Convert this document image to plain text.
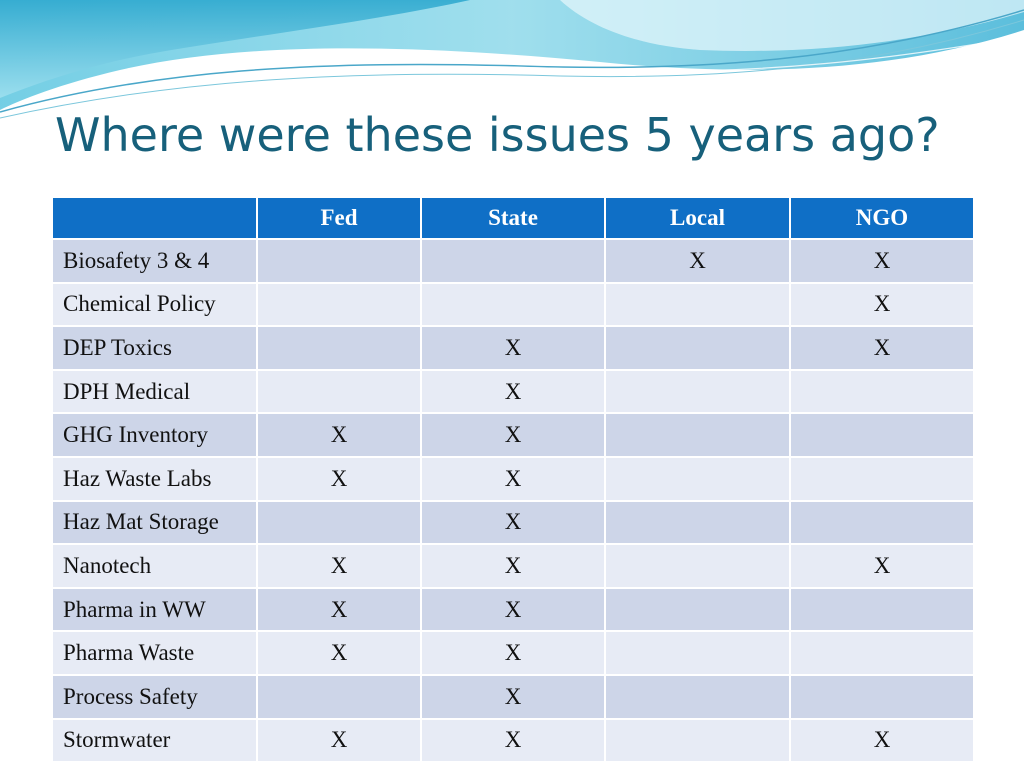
Where were these issues 5 years ago?
	Fed	State	Local	NGO
Biosafety 3 & 4			X	X
Chemical Policy				X
DEP Toxics		X		X
DPH Medical		X		
GHG Inventory	X	X		
Haz Waste Labs	X	X		
Haz Mat Storage		X		
Nanotech	X	X		X
Pharma in WW	X	X		
Pharma Waste	X	X		
Process Safety		X		
Stormwater	X	X		X
